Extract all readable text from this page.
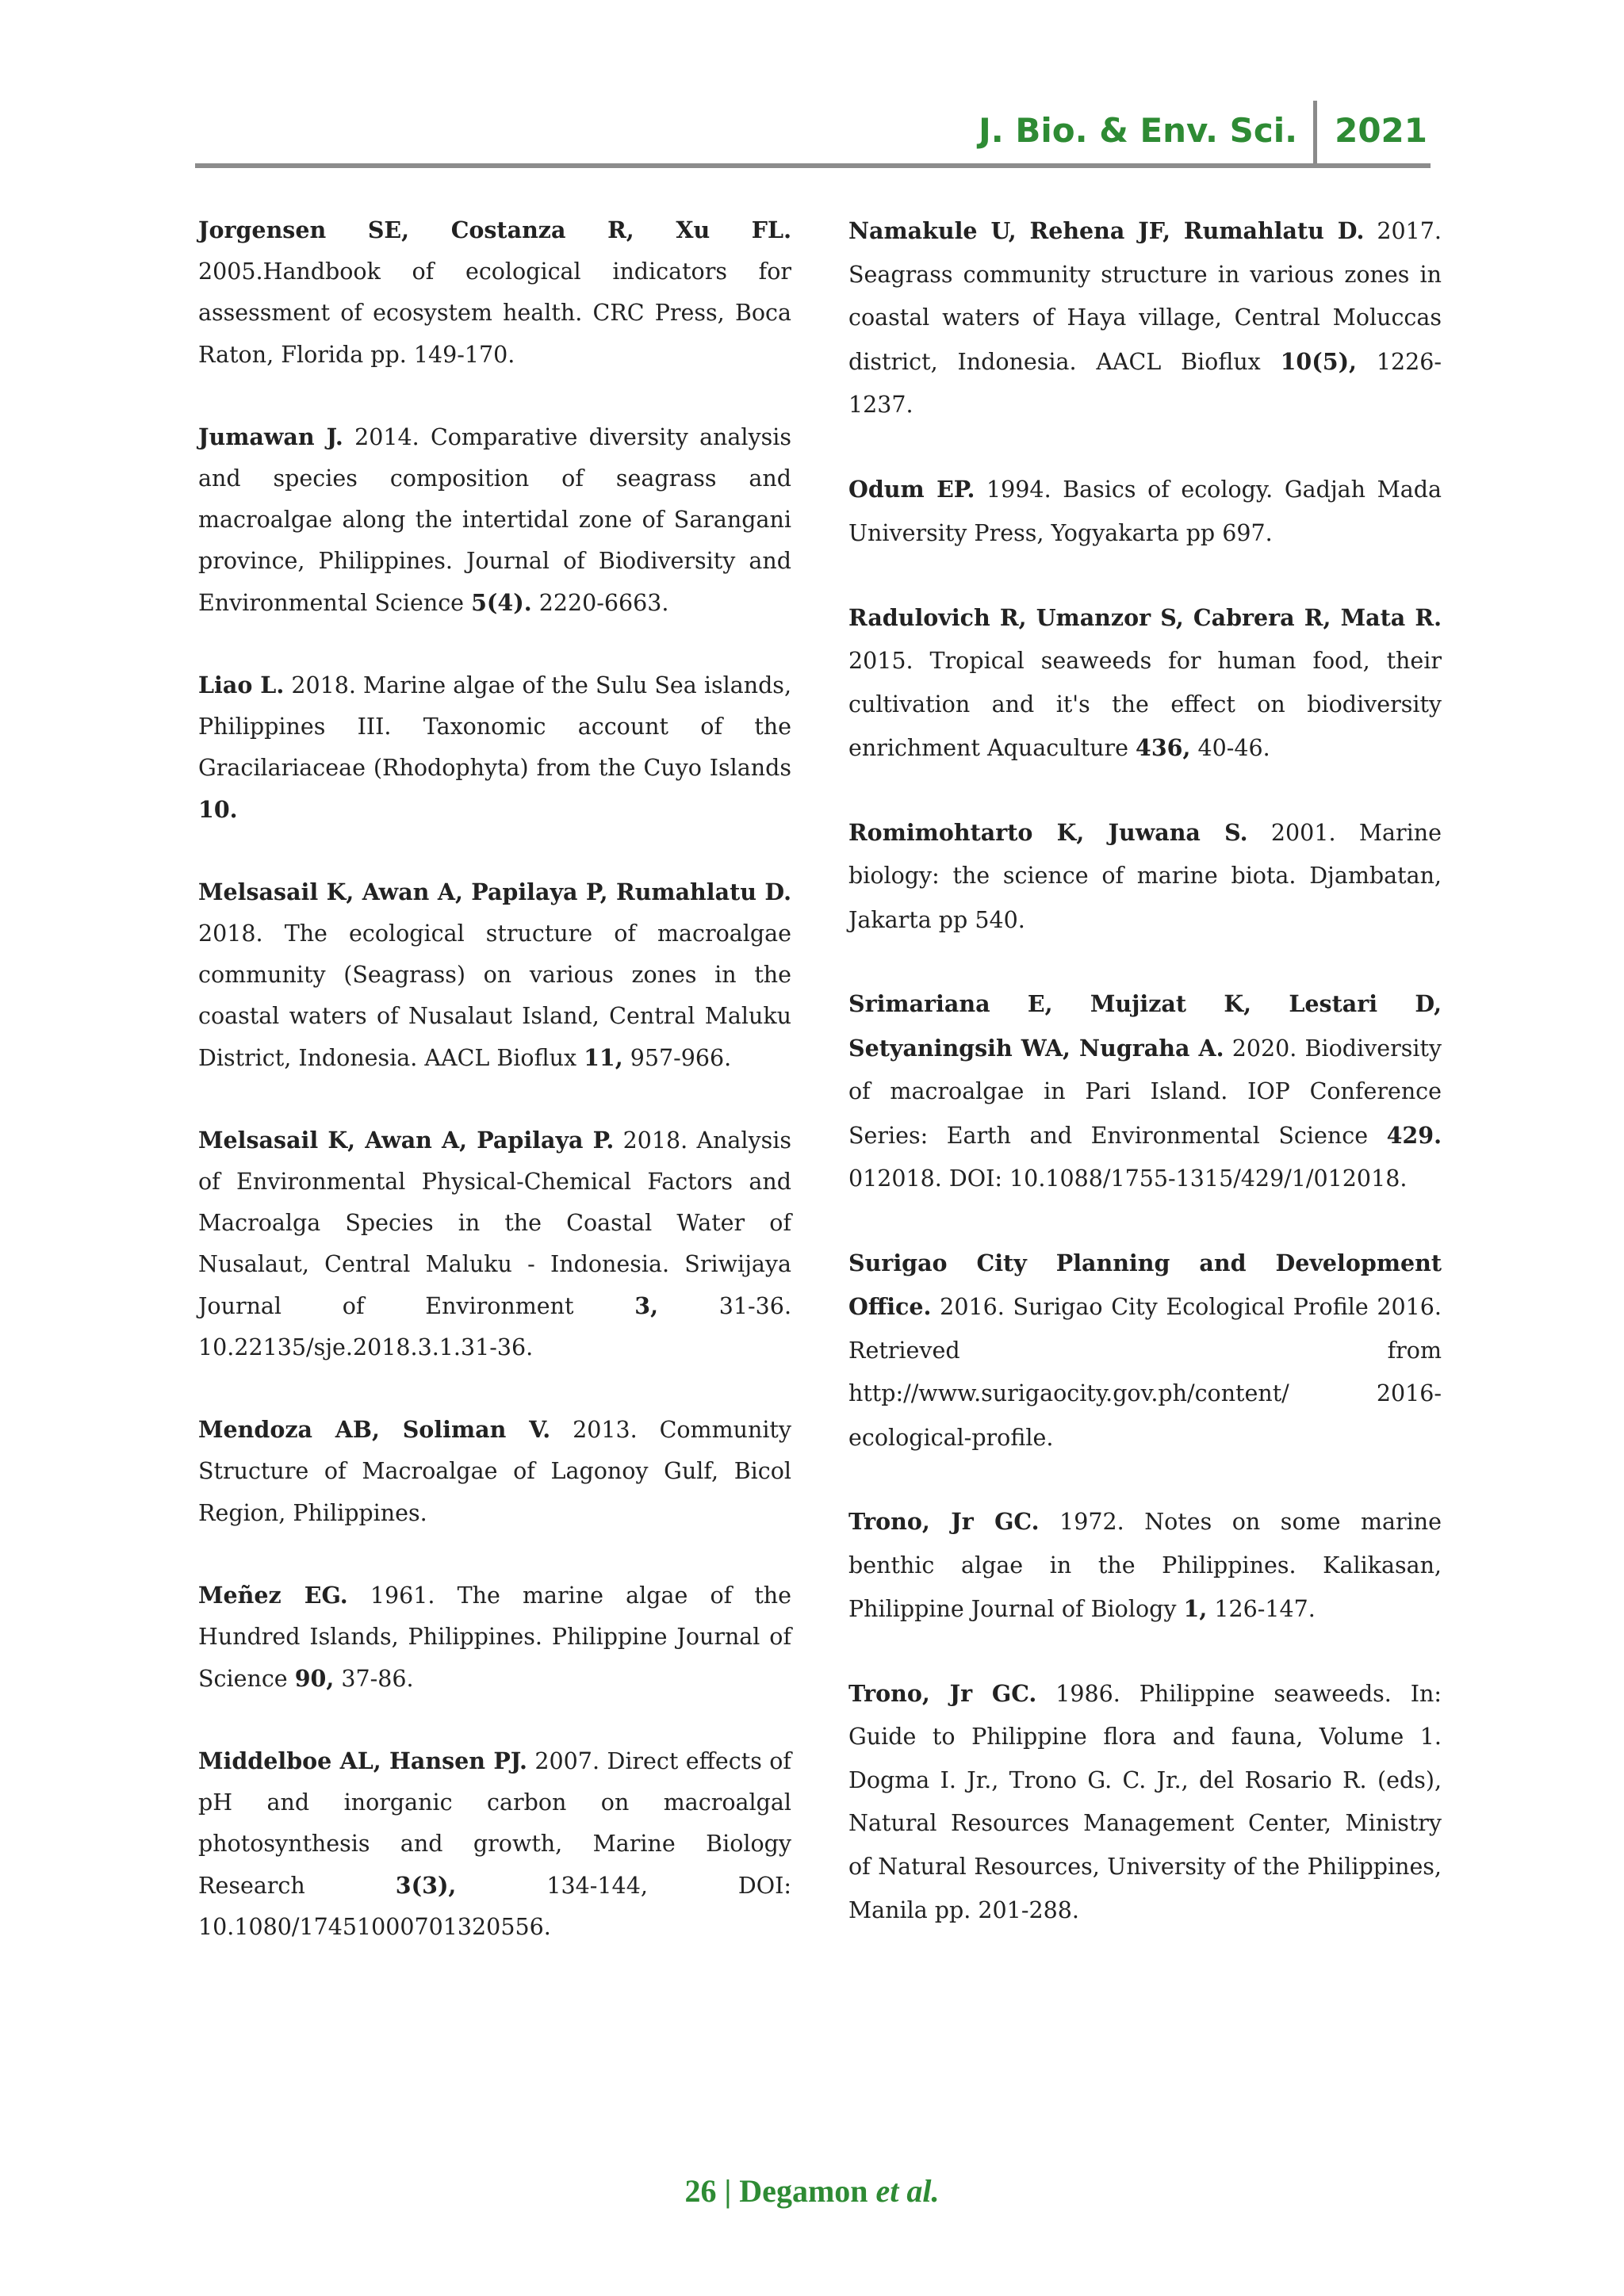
J. Bio. & Env. Sci.	2021

Jorgensen SE, Costanza R, Xu FL. 2005.Handbook of ecological indicators for assessment of ecosystem health. CRC Press, Boca Raton, Florida pp. 149-170.

Jumawan J. 2014. Comparative diversity analysis and species composition of seagrass and macroalgae along the intertidal zone of Sarangani province, Philippines. Journal of Biodiversity and Environmental Science 5(4). 2220-6663.

Liao L. 2018. Marine algae of the Sulu Sea islands, Philippines III. Taxonomic account of the Gracilariaceae (Rhodophyta) from the Cuyo Islands 10.

Melsasail K, Awan A, Papilaya P, Rumahlatu D. 2018. The ecological structure of macroalgae community (Seagrass) on various zones in the coastal waters of Nusalaut Island, Central Maluku District, Indonesia. AACL Bioflux 11, 957-966.

Melsasail K, Awan A, Papilaya P. 2018. Analysis of Environmental Physical-Chemical Factors and Macroalga Species in the Coastal Water of Nusalaut, Central Maluku - Indonesia. Sriwijaya Journal of Environment 3, 31-36. 10.22135/sje.2018.3.1.31-36.

Mendoza AB, Soliman V. 2013. Community Structure of Macroalgae of Lagonoy Gulf, Bicol Region, Philippines.

Meñez EG. 1961. The marine algae of the Hundred Islands, Philippines. Philippine Journal of Science 90, 37-86.

Middelboe AL, Hansen PJ. 2007. Direct effects of pH and inorganic carbon on macroalgal photosynthesis and growth, Marine Biology Research 3(3), 134-144, DOI: 10.1080/17451000701320556.

Namakule U, Rehena JF, Rumahlatu D. 2017. Seagrass community structure in various zones in coastal waters of Haya village, Central Moluccas district, Indonesia. AACL Bioflux 10(5), 1226-1237.

Odum EP. 1994. Basics of ecology. Gadjah Mada University Press, Yogyakarta pp 697.

Radulovich R, Umanzor S, Cabrera R, Mata R. 2015. Tropical seaweeds for human food, their cultivation and it's the effect on biodiversity enrichment Aquaculture 436, 40-46.

Romimohtarto K, Juwana S. 2001. Marine biology: the science of marine biota. Djambatan, Jakarta pp 540.

Srimariana E, Mujizat K, Lestari D, Setyaningsih WA, Nugraha A. 2020. Biodiversity of macroalgae in Pari Island. IOP Conference Series: Earth and Environmental Science 429. 012018. DOI: 10.1088/1755-1315/429/1/012018.

Surigao City Planning and Development Office. 2016. Surigao City Ecological Profile 2016. Retrieved from http://www.surigaocity.gov.ph/content/ 2016-ecological-profile.

Trono, Jr GC. 1972. Notes on some marine benthic algae in the Philippines. Kalikasan, Philippine Journal of Biology 1, 126-147.

Trono, Jr GC. 1986. Philippine seaweeds. In: Guide to Philippine flora and fauna, Volume 1. Dogma I. Jr., Trono G. C. Jr., del Rosario R. (eds), Natural Resources Management Center, Ministry of Natural Resources, University of the Philippines, Manila pp. 201-288.

26 | Degamon et al.
